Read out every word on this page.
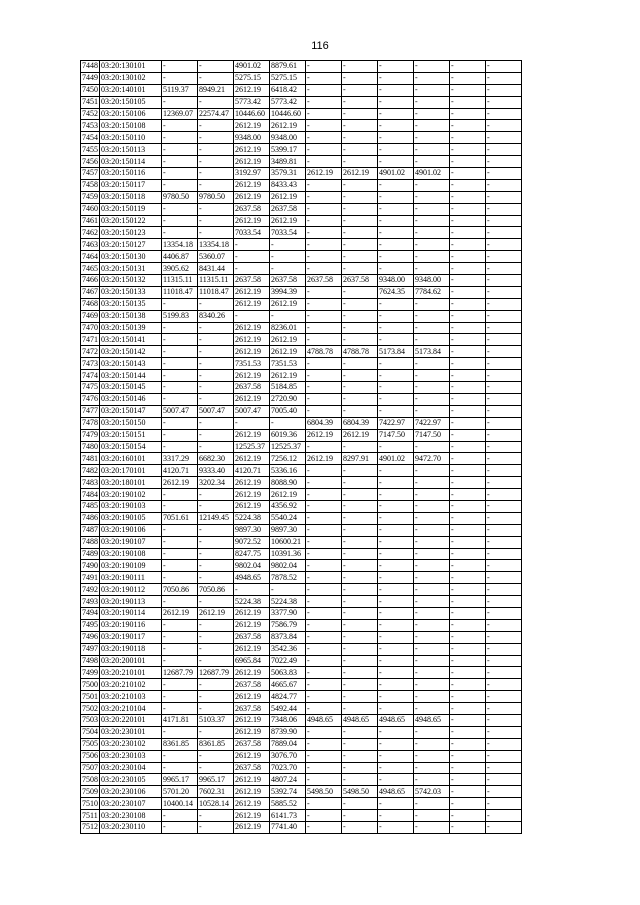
116
7448	03:20:130101	-	-	4901.02	8879.61	-	-	-	-	-	-
7449	03:20:130102	-	-	5275.15	5275.15	-	-	-	-	-	-
7450	03:20:140101	5119.37	8949.21	2612.19	6418.42	-	-	-	-	-	-
7451	03:20:150105	-	-	5773.42	5773.42	-	-	-	-	-	-
7452	03:20:150106	12369.07	22574.47	10446.60	10446.60	-	-	-	-	-	-
7453	03:20:150108	-	-	2612.19	2612.19	-	-	-	-	-	-
7454	03:20:150110	-	-	9348.00	9348.00	-	-	-	-	-	-
7455	03:20:150113	-	-	2612.19	5399.17	-	-	-	-	-	-
7456	03:20:150114	-	-	2612.19	3489.81	-	-	-	-	-	-
7457	03:20:150116	-	-	3192.97	3579.31	2612.19	2612.19	4901.02	4901.02	-	-
7458	03:20:150117	-	-	2612.19	8433.43	-	-	-	-	-	-
7459	03:20:150118	9780.50	9780.50	2612.19	2612.19	-	-	-	-	-	-
7460	03:20:150119	-	-	2637.58	2637.58	-	-	-	-	-	-
7461	03:20:150122	-	-	2612.19	2612.19	-	-	-	-	-	-
7462	03:20:150123	-	-	7033.54	7033.54	-	-	-	-	-	-
7463	03:20:150127	13354.18	13354.18	-	-	-	-	-	-	-	-
7464	03:20:150130	4406.87	5360.07	-	-	-	-	-	-	-	-
7465	03:20:150131	3905.62	8431.44	-	-	-	-	-	-	-	-
7466	03:20:150132	11315.11	11315.11	2637.58	2637.58	2637.58	2637.58	9348.00	9348.00	-	-
7467	03:20:150133	11018.47	11018.47	2612.19	3994.39	-	-	7624.35	7784.62	-	-
7468	03:20:150135	-	-	2612.19	2612.19	-	-	-	-	-	-
7469	03:20:150138	5199.83	8340.26	-	-	-	-	-	-	-	-
7470	03:20:150139	-	-	2612.19	8236.01	-	-	-	-	-	-
7471	03:20:150141	-	-	2612.19	2612.19	-	-	-	-	-	-
7472	03:20:150142	-	-	2612.19	2612.19	4788.78	4788.78	5173.84	5173.84	-	-
7473	03:20:150143	-	-	7351.53	7351.53	-	-	-	-	-	-
7474	03:20:150144	-	-	2612.19	2612.19	-	-	-	-	-	-
7475	03:20:150145	-	-	2637.58	5184.85	-	-	-	-	-	-
7476	03:20:150146	-	-	2612.19	2720.90	-	-	-	-	-	-
7477	03:20:150147	5007.47	5007.47	5007.47	7005.40	-	-	-	-	-	-
7478	03:20:150150	-	-	-	-	6804.39	6804.39	7422.97	7422.97	-	-
7479	03:20:150151	-	-	2612.19	6019.36	2612.19	2612.19	7147.50	7147.50	-	-
7480	03:20:150154	-	-	12525.37	12525.37	-	-	-	-	-	-
7481	03:20:160101	3317.29	6682.30	2612.19	7256.12	2612.19	8297.91	4901.02	9472.70	-	-
7482	03:20:170101	4120.71	9333.40	4120.71	5336.16	-	-	-	-	-	-
7483	03:20:180101	2612.19	3202.34	2612.19	8088.90	-	-	-	-	-	-
7484	03:20:190102	-	-	2612.19	2612.19	-	-	-	-	-	-
7485	03:20:190103	-	-	2612.19	4356.92	-	-	-	-	-	-
7486	03:20:190105	7051.61	12149.45	5224.38	5540.24	-	-	-	-	-	-
7487	03:20:190106	-	-	9897.30	9897.30	-	-	-	-	-	-
7488	03:20:190107	-	-	9072.52	10600.21	-	-	-	-	-	-
7489	03:20:190108	-	-	8247.75	10391.36	-	-	-	-	-	-
7490	03:20:190109	-	-	9802.04	9802.04	-	-	-	-	-	-
7491	03:20:190111	-	-	4948.65	7878.52	-	-	-	-	-	-
7492	03:20:190112	7050.86	7050.86	-	-	-	-	-	-	-	-
7493	03:20:190113	-	-	5224.38	5224.38	-	-	-	-	-	-
7494	03:20:190114	2612.19	2612.19	2612.19	3377.90	-	-	-	-	-	-
7495	03:20:190116	-	-	2612.19	7586.79	-	-	-	-	-	-
7496	03:20:190117	-	-	2637.58	8373.84	-	-	-	-	-	-
7497	03:20:190118	-	-	2612.19	3542.36	-	-	-	-	-	-
7498	03:20:200101	-	-	6965.84	7022.49	-	-	-	-	-	-
7499	03:20:210101	12687.79	12687.79	2612.19	5063.83	-	-	-	-	-	-
7500	03:20:210102	-	-	2637.58	4665.67	-	-	-	-	-	-
7501	03:20:210103	-	-	2612.19	4824.77	-	-	-	-	-	-
7502	03:20:210104	-	-	2637.58	5492.44	-	-	-	-	-	-
7503	03:20:220101	4171.81	5103.37	2612.19	7348.06	4948.65	4948.65	4948.65	4948.65	-	-
7504	03:20:230101	-	-	2612.19	8739.90	-	-	-	-	-	-
7505	03:20:230102	8361.85	8361.85	2637.58	7889.04	-	-	-	-	-	-
7506	03:20:230103	-	-	2612.19	3076.70	-	-	-	-	-	-
7507	03:20:230104	-	-	2637.58	7023.70	-	-	-	-	-	-
7508	03:20:230105	9965.17	9965.17	2612.19	4807.24	-	-	-	-	-	-
7509	03:20:230106	5701.20	7602.31	2612.19	5392.74	5498.50	5498.50	4948.65	5742.03	-	-
7510	03:20:230107	10400.14	10528.14	2612.19	5885.52	-	-	-	-	-	-
7511	03:20:230108	-	-	2612.19	6141.73	-	-	-	-	-	-
7512	03:20:230110	-	-	2612.19	7741.40	-	-	-	-	-	-
